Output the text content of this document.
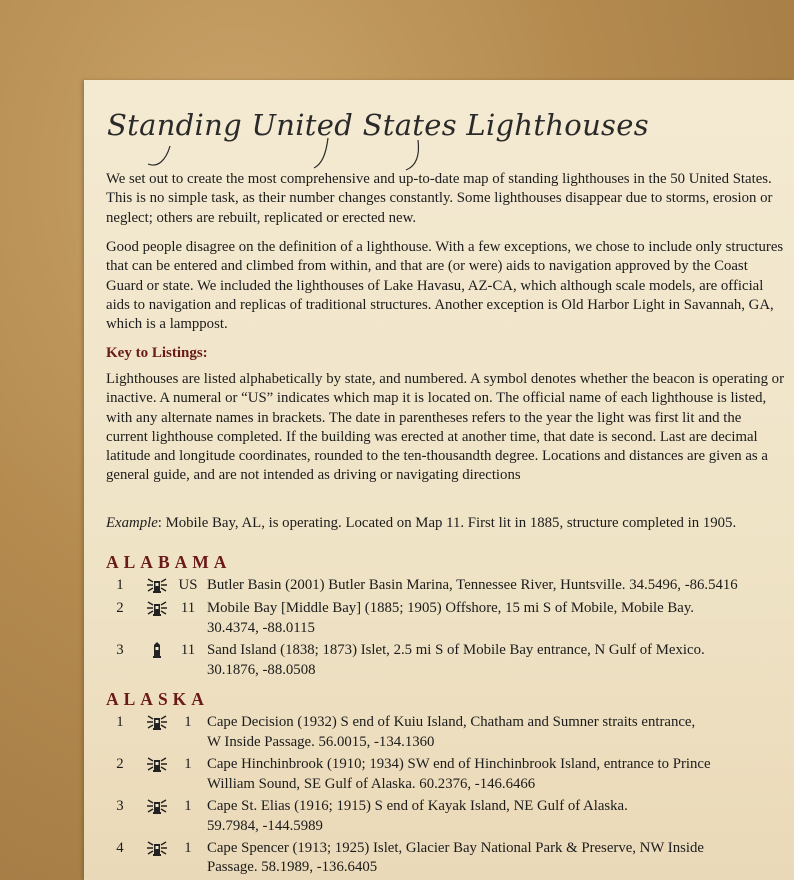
Standing United States Lighthouses
We set out to create the most comprehensive and up-to-date map of standing lighthouses in the 50 United States. This is no simple task, as their number changes constantly. Some lighthouses disappear due to storms, erosion or neglect; others are rebuilt, replicated or erected new.
Good people disagree on the definition of a lighthouse. With a few exceptions, we chose to include only structures that can be entered and climbed from within, and that are (or were) aids to navigation approved by the Coast Guard or state. We included the lighthouses of Lake Havasu, AZ-CA, which although scale models, are official aids to navigation and replicas of traditional structures. Another exception is Old Harbor Light in Savannah, GA, which is a lamppost.
Key to Listings:
Lighthouses are listed alphabetically by state, and numbered. A symbol denotes whether the beacon is operating or inactive. A numeral or “US” indicates which map it is located on. The official name of each lighthouse is listed, with any alternate names in brackets. The date in parentheses refers to the year the light was first lit and the current lighthouse completed. If the building was erected at another time, that date is second. Last are decimal latitude and longitude coordinates, rounded to the ten-thousandth degree. Locations and distances are given as a general guide, and are not intended as driving or navigating directions
Example: Mobile Bay, AL, is operating. Located on Map 11. First lit in 1885, structure completed in 1905.
ALABAMA
1	US Butler Basin (2001) Butler Basin Marina, Tennessee River, Huntsville. 34.5496, -86.5416
2	11 Mobile Bay [Middle Bay] (1885; 1905) Offshore, 15 mi S of Mobile, Mobile Bay.
30.4374, -88.0115
3	11 Sand Island (1838; 1873) Islet, 2.5 mi S of Mobile Bay entrance, N Gulf of Mexico.
30.1876, -88.0508
ALASKA
1	1	Cape Decision (1932) S end of Kuiu Island, Chatham and Sumner straits entrance,
W Inside Passage. 56.0015, -134.1360
2	1	Cape Hinchinbrook (1910; 1934) SW end of Hinchinbrook Island, entrance to Prince
William Sound, SE Gulf of Alaska. 60.2376, -146.6466
3	1	Cape St. Elias (1916; 1915) S end of Kayak Island, NE Gulf of Alaska.
59.7984, -144.5989
4	1	Cape Spencer (1913; 1925) Islet, Glacier Bay National Park & Preserve, NW Inside
Passage. 58.1989, -136.6405
